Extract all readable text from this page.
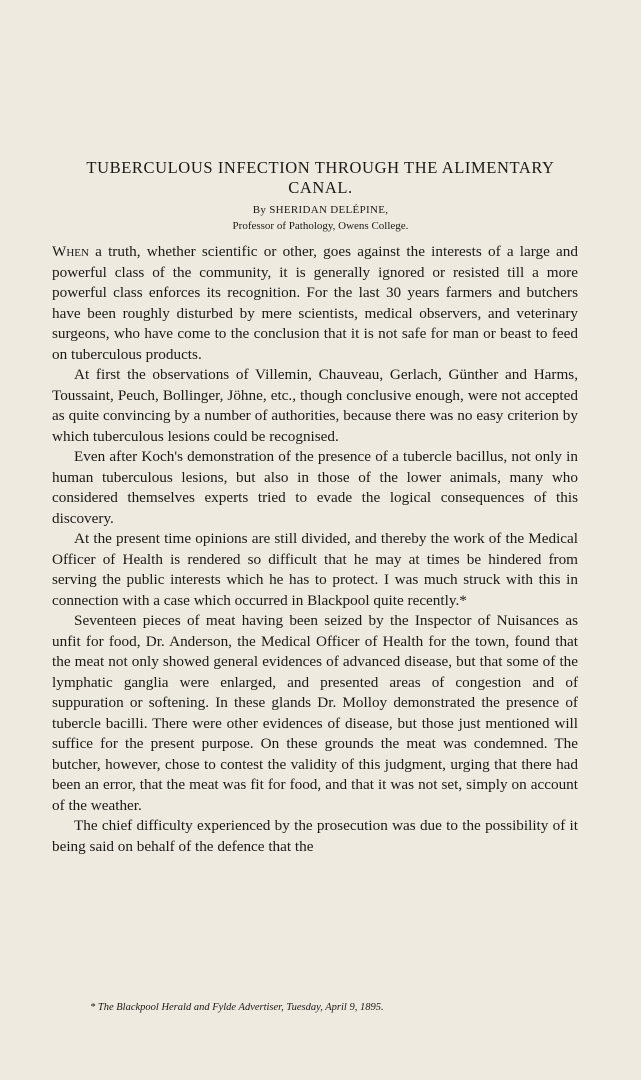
TUBERCULOUS INFECTION THROUGH THE ALIMENTARY
CANAL.

By SHERIDAN DELÉPINE,

Professor of Pathology, Owens College.

When a truth, whether scientific or other, goes against the interests of a large and powerful class of the community, it is generally ignored or resisted till a more powerful class enforces its recognition. For the last 30 years farmers and butchers have been roughly disturbed by mere scientists, medical observers, and veterinary surgeons, who have come to the conclusion that it is not safe for man or beast to feed on tuberculous products.

At first the observations of Villemin, Chauveau, Gerlach, Günther and Harms, Toussaint, Peuch, Bollinger, Jöhne, etc., though conclusive enough, were not accepted as quite convincing by a number of authorities, because there was no easy criterion by which tuberculous lesions could be recognised.

Even after Koch's demonstration of the presence of a tubercle bacillus, not only in human tuberculous lesions, but also in those of the lower animals, many who considered themselves experts tried to evade the logical consequences of this discovery.

At the present time opinions are still divided, and thereby the work of the Medical Officer of Health is rendered so difficult that he may at times be hindered from serving the public interests which he has to protect. I was much struck with this in connection with a case which occurred in Blackpool quite recently.*

Seventeen pieces of meat having been seized by the Inspector of Nuisances as unfit for food, Dr. Anderson, the Medical Officer of Health for the town, found that the meat not only showed general evidences of advanced disease, but that some of the lymphatic ganglia were enlarged, and presented areas of congestion and of suppuration or softening. In these glands Dr. Molloy demonstrated the presence of tubercle bacilli. There were other evidences of disease, but those just mentioned will suffice for the present purpose. On these grounds the meat was condemned. The butcher, however, chose to contest the validity of this judgment, urging that there had been an error, that the meat was fit for food, and that it was not set, simply on account of the weather.

The chief difficulty experienced by the prosecution was due to the possibility of it being said on behalf of the defence that the

* The Blackpool Herald and Fylde Advertiser, Tuesday, April 9, 1895.
